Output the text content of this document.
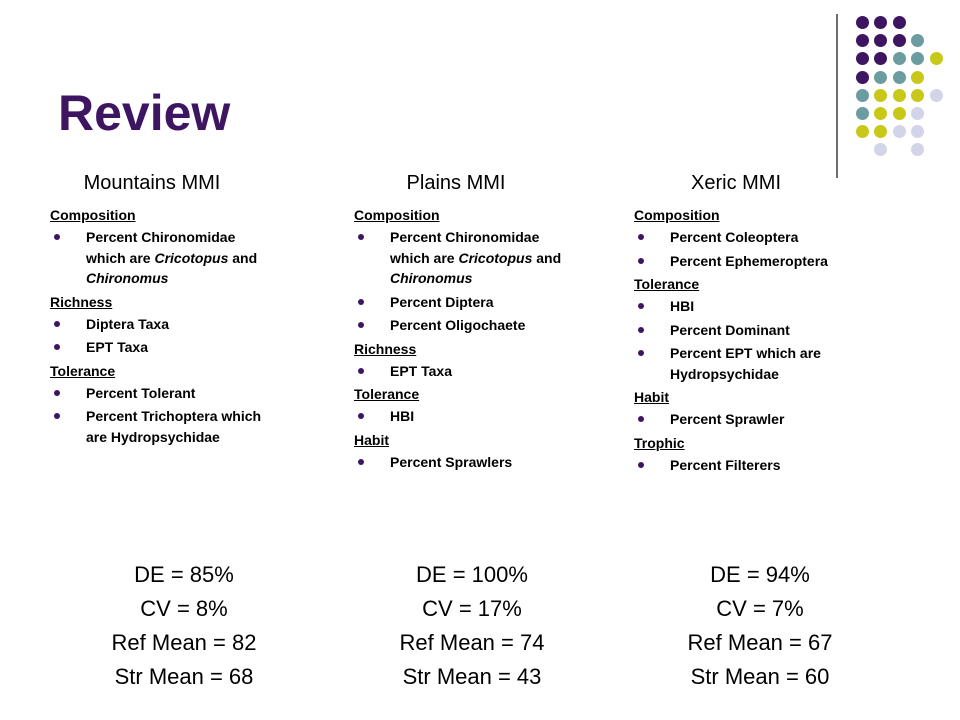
Review
Mountains MMI
Composition
Percent Chironomidae which are Cricotopus and Chironomus
Richness
Diptera Taxa
EPT Taxa
Tolerance
Percent Tolerant
Percent Trichoptera which are Hydropsychidae
Plains MMI
Composition
Percent Chironomidae which are Cricotopus and Chironomus
Percent Diptera
Percent Oligochaete
Richness
EPT Taxa
Tolerance
HBI
Habit
Percent Sprawlers
Xeric MMI
Composition
Percent Coleoptera
Percent Ephemeroptera
Tolerance
HBI
Percent Dominant
Percent EPT which are Hydropsychidae
Habit
Percent Sprawler
Trophic
Percent Filterers
DE = 85%
CV = 8%
Ref Mean = 82
Str Mean = 68
DE = 100%
CV = 17%
Ref Mean = 74
Str Mean = 43
DE = 94%
CV = 7%
Ref Mean = 67
Str Mean = 60
